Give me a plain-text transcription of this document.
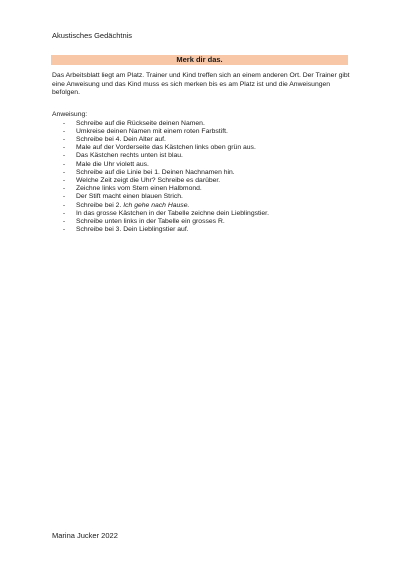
Akustisches Gedächtnis
Merk dir das.

Das Arbeitsblatt liegt am Platz. Trainer und Kind treffen sich an einem anderen Ort. Der Trainer gibt eine Anweisung und das Kind muss es sich merken bis es am Platz ist und die Anweisungen befolgen.

Anweisung:
-	Schreibe auf die Rückseite deinen Namen.
-	Umkreise deinen Namen mit einem roten Farbstift.
-	Schreibe bei 4. Dein Alter auf.
-	Male auf der Vorderseite das Kästchen links oben grün aus.
-	Das Kästchen rechts unten ist blau.
-	Male die Uhr violett aus.
-	Schreibe auf die Linie bei 1. Deinen Nachnamen hin.
-	Welche Zeit zeigt die Uhr? Schreibe es darüber.
-	Zeichne links vom Stern einen Halbmond.
-	Der Stift macht einen blauen Strich.
-	Schreibe bei 2. Ich gehe nach Hause.
-	In das grosse Kästchen in der Tabelle zeichne dein Lieblingstier.
-	Schreibe unten links in der Tabelle ein grosses R.
-	Schreibe bei 3. Dein Lieblingstier auf.
Marina Jucker 2022
